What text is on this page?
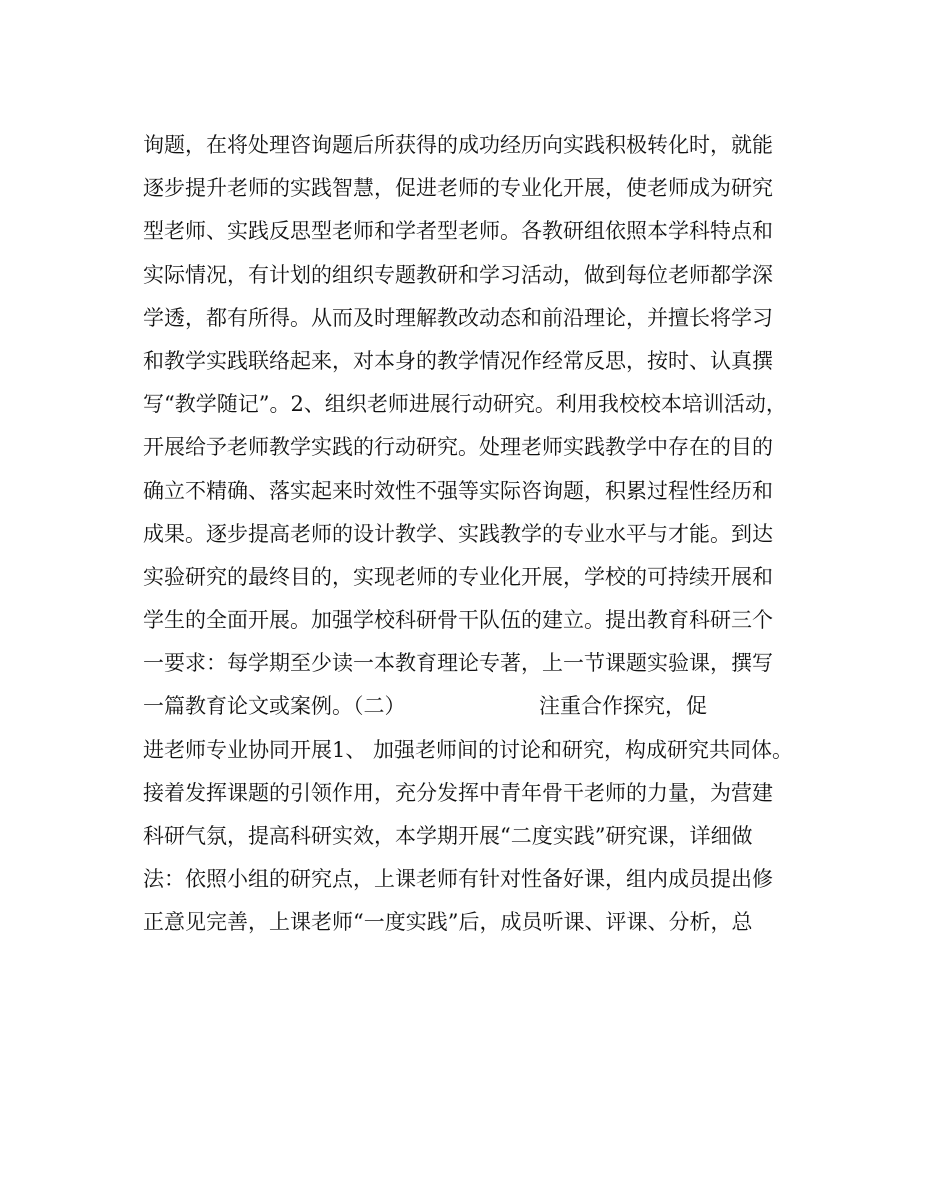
询题，在将处理咨询题后所获得的成功经历向实践积极转化时，就能
逐步提升老师的实践智慧，促进老师的专业化开展，使老师成为研究
型老师、实践反思型老师和学者型老师。各教研组依照本学科特点和
实际情况，有计划的组织专题教研和学习活动，做到每位老师都学深
学透，都有所得。从而及时理解教改动态和前沿理论，并擅长将学习
和教学实践联络起来，对本身的教学情况作经常反思，按时、认真撰
写“教学随记”。2、组织老师进展行动研究。利用我校校本培训活动，
开展给予老师教学实践的行动研究。处理老师实践教学中存在的目的
确立不精确、落实起来时效性不强等实际咨询题，积累过程性经历和
成果。逐步提高老师的设计教学、实践教学的专业水平与才能。到达
实验研究的最终目的，实现老师的专业化开展，学校的可持续开展和
学生的全面开展。加强学校科研骨干队伍的建立。提出教育科研三个
一要求：每学期至少读一本教育理论专著，上一节课题实验课，撰写
一篇教育论文或案例。（二）                    注重合作探究，促
进老师专业协同开展1、 加强老师间的讨论和研究，构成研究共同体。
接着发挥课题的引领作用，充分发挥中青年骨干老师的力量，为营建
科研气氛，提高科研实效，本学期开展“二度实践”研究课，详细做
法：依照小组的研究点，上课老师有针对性备好课，组内成员提出修
正意见完善，上课老师“一度实践”后，成员听课、评课、分析，总
